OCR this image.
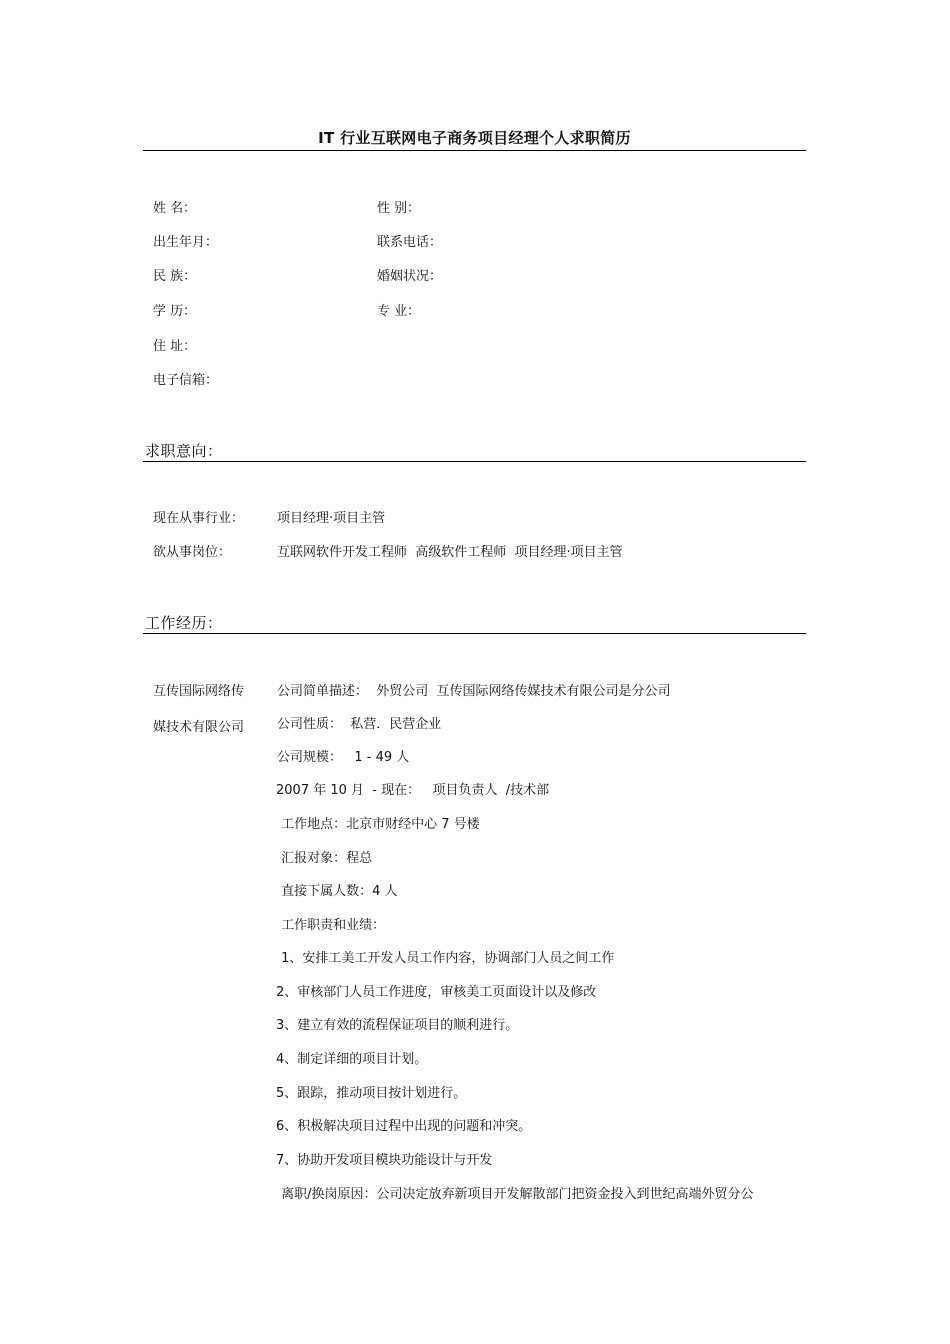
IT 行业互联网电子商务项目经理个人求职简历
姓 名：	性 别：
出生年月：	联系电话：
民 族：	婚姻状况：
学 历：	专 业：
住 址：
电子信箱：
求职意向：
现在从事行业：	项目经理·项目主管
欲从事岗位：	互联网软件开发工程师  高级软件工程师  项目经理·项目主管
工作经历：
互传国际网络传
媒技术有限公司
公司简单描述：  外贸公司  互传国际网络传媒技术有限公司是分公司
公司性质：  私营．民营企业
公司规模：   1 - 49 人
2007 年 10 月  - 现在：   项目负责人  /技术部
工作地点：北京市财经中心 7 号楼
汇报对象：程总
直接下属人数：4 人
工作职责和业绩：
1、安排工美工开发人员工作内容，协调部门人员之间工作
2、审核部门人员工作进度，审核美工页面设计以及修改
3、建立有效的流程保证项目的顺利进行。
4、制定详细的项目计划。
5、跟踪，推动项目按计划进行。
6、积极解决项目过程中出现的问题和冲突。
7、协助开发项目模块功能设计与开发
离职/换岗原因：公司决定放弃新项目开发解散部门把资金投入到世纪高端外贸分公
